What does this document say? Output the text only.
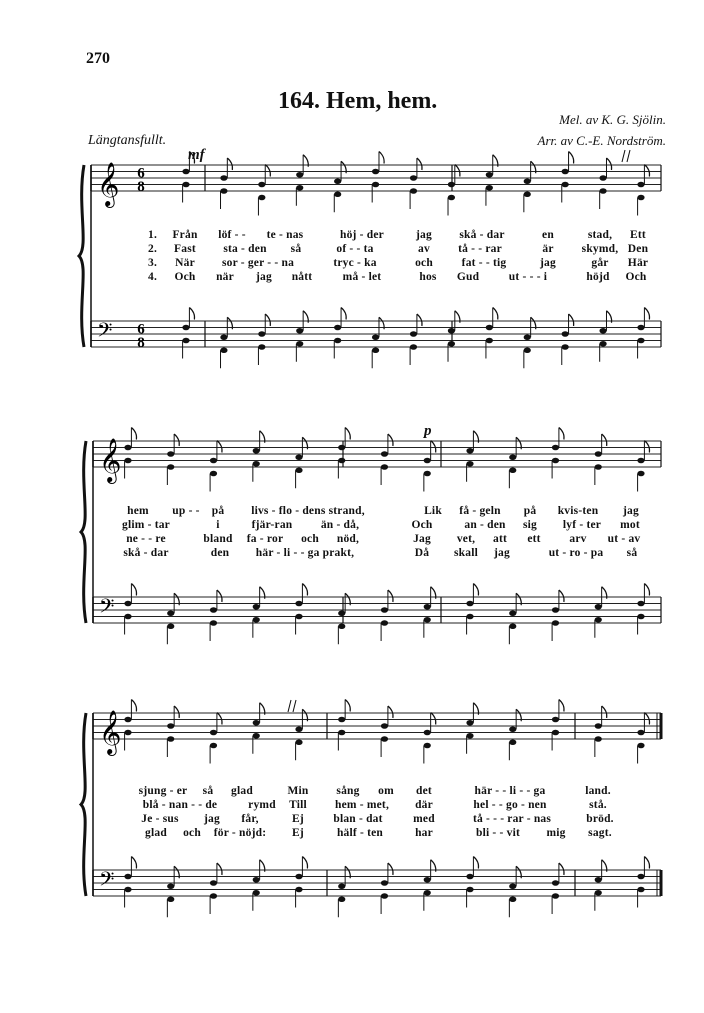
270
164. Hem, hem.
Mel. av K. G. Sjölin.
Arr. av C.-E. Nordström.
Längtansfullt.
mf
p
1. Från löf - - te - nas	höj - der	jag skå - dar	en	stad, Ett
2. Fast sta - den så	of - - ta	av tå - - rar	är skymd, Den
3. När sor - ger - - na	tryc - ka	och fat - - tig	jag	går Här
4. Och när jag nått	må - let	hos Gud	ut - - - i	höjd Och
hem up - - på livs - flo - dens strand,	Lik få - geln på kvis-ten jag
glim - tar	i	fjär-ran än - då,	Och	an - den sig lyf - ter mot
ne - - re	bland fa - ror och nöd,	Jag vet, att ett arv ut - av
skå - dar	den här - li - - ga prakt,	Då skall jag	ut - ro - pa så
sjung - er så glad	Min sång om det	här - - li - - ga	land.
blå - nan - - de	rymd Till hem - met, där	hel - - go - nen	stå.
Je - sus jag får,	Ej	blan - dat	med	tå - - - rar - nas	bröd.
glad och för - nöjd: Ej	hälf - ten	har	bli - - vit mig sagt.
𝄞 6
8
𝄢 6
8
𝄞
𝄢
𝄞
𝄢
